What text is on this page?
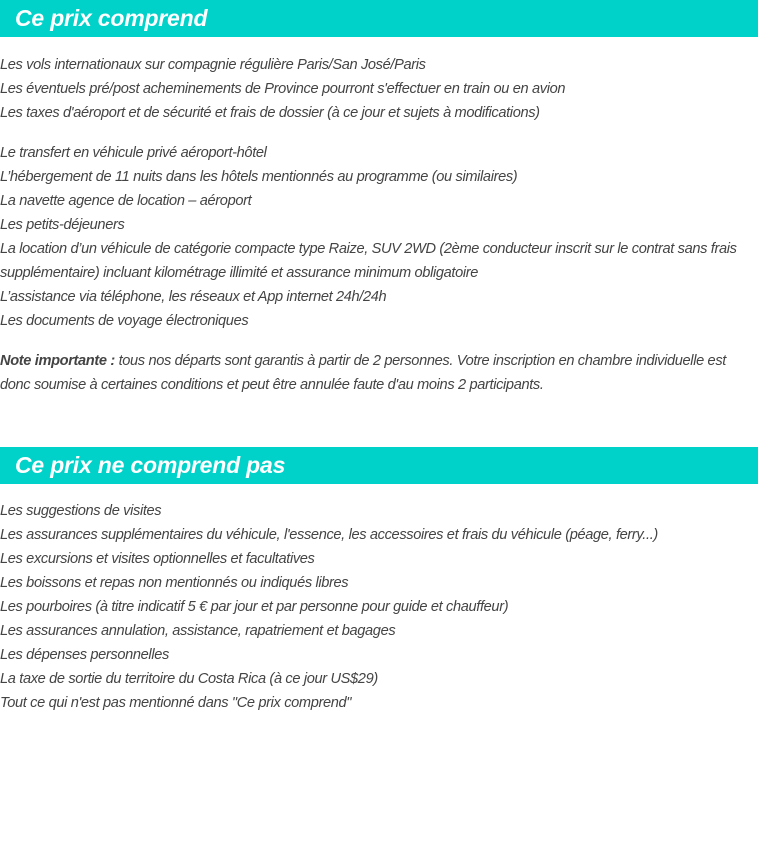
Ce prix comprend
Les vols internationaux sur compagnie régulière Paris/San José/Paris
Les éventuels pré/post acheminements de Province pourront s'effectuer en train ou en avion
Les taxes d'aéroport et de sécurité et frais de dossier (à ce jour et sujets à modifications)
Le transfert en véhicule privé aéroport-hôtel
L’hébergement de 11 nuits dans les hôtels mentionnés au programme (ou similaires)
La navette agence de location – aéroport
Les petits-déjeuners
La location d’un véhicule de catégorie compacte type Raize, SUV 2WD (2ème conducteur inscrit sur le contrat sans frais supplémentaire) incluant kilométrage illimité et assurance minimum obligatoire
L’assistance via téléphone, les réseaux et App internet 24h/24h
Les documents de voyage électroniques

Note importante : tous nos départs sont garantis à partir de 2 personnes. Votre inscription en chambre individuelle est donc soumise à certaines conditions et peut être annulée faute d'au moins 2 participants.

Ce prix ne comprend pas
Les suggestions de visites
Les assurances supplémentaires du véhicule, l'essence, les accessoires et frais du véhicule (péage, ferry...)
Les excursions et visites optionnelles et facultatives
Les boissons et repas non mentionnés ou indiqués libres
Les pourboires (à titre indicatif 5 € par jour et par personne pour guide et chauffeur)
Les assurances annulation, assistance, rapatriement et bagages
Les dépenses personnelles
La taxe de sortie du territoire du Costa Rica (à ce jour US$29)
Tout ce qui n'est pas mentionné dans "Ce prix comprend"
